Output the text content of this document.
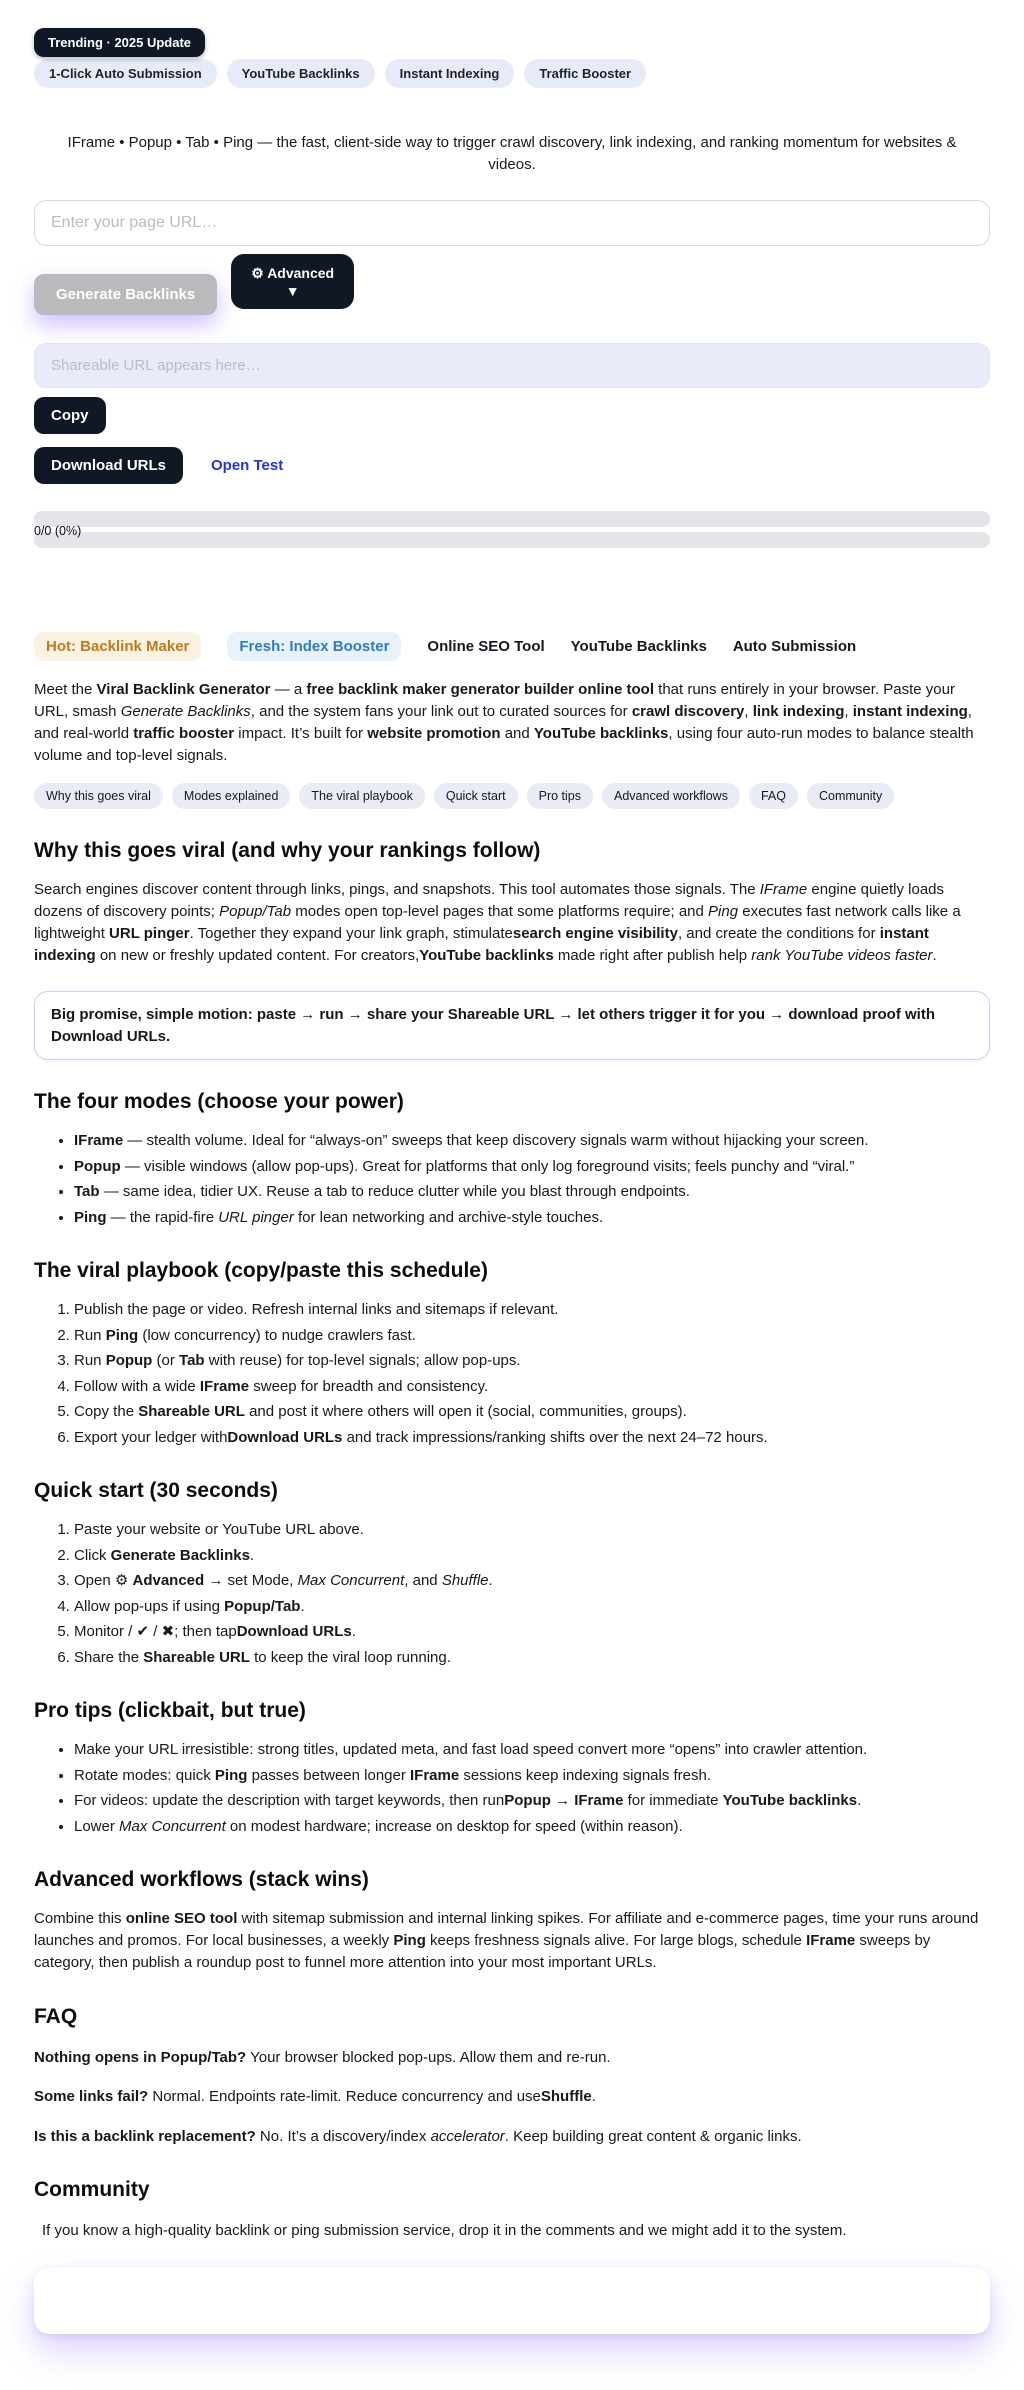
Trending · 2025 Update
1-Click Auto Submission	YouTube Backlinks	Instant Indexing	Traffic Booster

IFrame • Popup • Tab • Ping — the fast, client-side way to trigger crawl discovery, link indexing, and ranking momentum for websites & videos.

Enter your page URL…
Generate Backlinks
⚙ Advanced
▼
Shareable URL appears here…
Copy
Download URLs	Open Test
0/0 (0%)
Hot: Backlink Maker	Fresh: Index Booster	Online SEO Tool YouTube Backlinks Auto Submission

Meet the Viral Backlink Generator — a free backlink maker generator builder online tool that runs entirely in your browser. Paste your URL, smash Generate Backlinks, and the system fans your link out to curated sources for crawl discovery, link indexing, instant indexing, and real-world traffic booster impact. It’s built for website promotion and YouTube backlinks, using four auto-run modes to balance stealth volume and top-level signals.

Why this goes viral	Modes explained	The viral playbook	Quick start	Pro tips	Advanced workflows	FAQ	Community
Why this goes viral (and why your rankings follow)

Search engines discover content through links, pings, and snapshots. This tool automates those signals. The IFrame engine quietly loads dozens of discovery points; Popup/Tab modes open top-level pages that some platforms require; and Ping executes fast network calls like a lightweight URL pinger. Together they expand your link graph, stimulatesearch engine visibility, and create the conditions for instant indexing on new or freshly updated content. For creators,YouTube backlinks made right after publish help rank YouTube videos faster.

Big promise, simple motion: paste → run → share your Shareable URL → let others trigger it for you → download proof with Download URLs.
The four modes (choose your power)
• IFrame — stealth volume. Ideal for “always-on” sweeps that keep discovery signals warm without hijacking your screen.
• Popup — visible windows (allow pop-ups). Great for platforms that only log foreground visits; feels punchy and “viral.”
• Tab — same idea, tidier UX. Reuse a tab to reduce clutter while you blast through endpoints.
• Ping — the rapid-fire URL pinger for lean networking and archive-style touches.
The viral playbook (copy/paste this schedule)
1. Publish the page or video. Refresh internal links and sitemaps if relevant.
2. Run Ping (low concurrency) to nudge crawlers fast.
3. Run Popup (or Tab with reuse) for top-level signals; allow pop-ups.
4. Follow with a wide IFrame sweep for breadth and consistency.
5. Copy the Shareable URL and post it where others will open it (social, communities, groups).
6. Export your ledger withDownload URLs and track impressions/ranking shifts over the next 24–72 hours.
Quick start (30 seconds)
1. Paste your website or YouTube URL above.
2. Click Generate Backlinks.
3. Open ⚙ Advanced → set Mode, Max Concurrent, and Shuffle.
4. Allow pop-ups if using Popup/Tab.
5. Monitor / ✔ / ✖; then tapDownload URLs.
6. Share the Shareable URL to keep the viral loop running.
Pro tips (clickbait, but true)
• Make your URL irresistible: strong titles, updated meta, and fast load speed convert more “opens” into crawler attention.
• Rotate modes: quick Ping passes between longer IFrame sessions keep indexing signals fresh.
• For videos: update the description with target keywords, then runPopup → IFrame for immediate YouTube backlinks.
• Lower Max Concurrent on modest hardware; increase on desktop for speed (within reason).
Advanced workflows (stack wins)

Combine this online SEO tool with sitemap submission and internal linking spikes. For affiliate and e-commerce pages, time your runs around launches and promos. For local businesses, a weekly Ping keeps freshness signals alive. For large blogs, schedule IFrame sweeps by category, then publish a roundup post to funnel more attention into your most important URLs.

FAQ

Nothing opens in Popup/Tab? Your browser blocked pop-ups. Allow them and re-run.

Some links fail? Normal. Endpoints rate-limit. Reduce concurrency and useShuffle.

Is this a backlink replacement? No. It’s a discovery/index accelerator. Keep building great content & organic links.

Community

If you know a high-quality backlink or ping submission service, drop it in the comments and we might add it to the system.
